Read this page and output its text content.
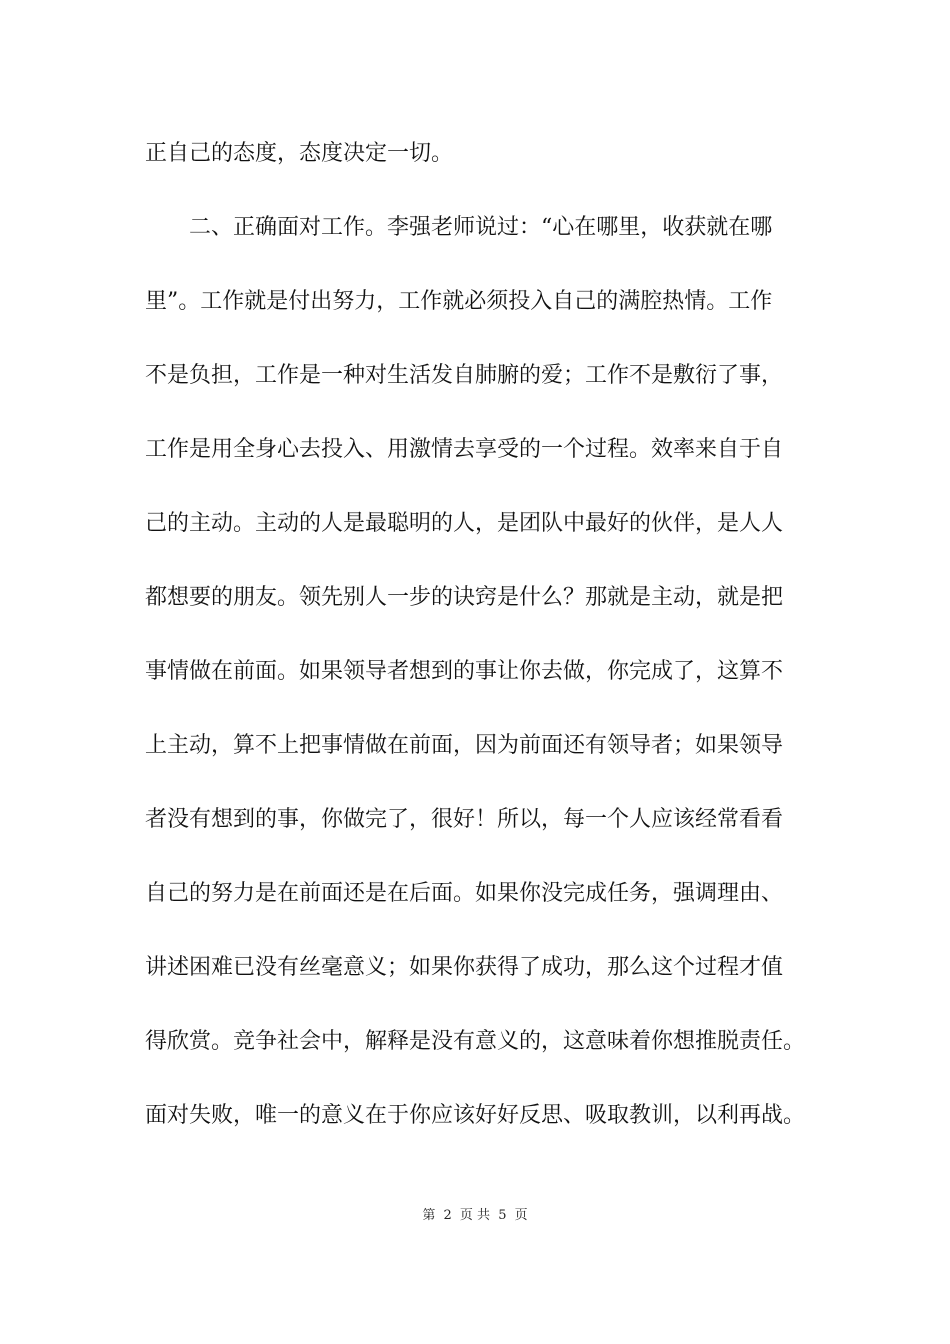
正自己的态度，态度决定一切。
　　二、正确面对工作。李强老师说过：“心在哪里，收获就在哪
里”。工作就是付出努力，工作就必须投入自己的满腔热情。工作
不是负担，工作是一种对生活发自肺腑的爱；工作不是敷衍了事，
工作是用全身心去投入、用激情去享受的一个过程。效率来自于自
己的主动。主动的人是最聪明的人，是团队中最好的伙伴，是人人
都想要的朋友。领先别人一步的诀窍是什么？那就是主动，就是把
事情做在前面。如果领导者想到的事让你去做，你完成了，这算不
上主动，算不上把事情做在前面，因为前面还有领导者；如果领导
者没有想到的事，你做完了，很好！所以，每一个人应该经常看看
自己的努力是在前面还是在后面。如果你没完成任务，强调理由、
讲述困难已没有丝毫意义；如果你获得了成功，那么这个过程才值
得欣赏。竞争社会中，解释是没有意义的，这意味着你想推脱责任。
面对失败，唯一的意义在于你应该好好反思、吸取教训，以利再战。
第 2 页 共 5 页
